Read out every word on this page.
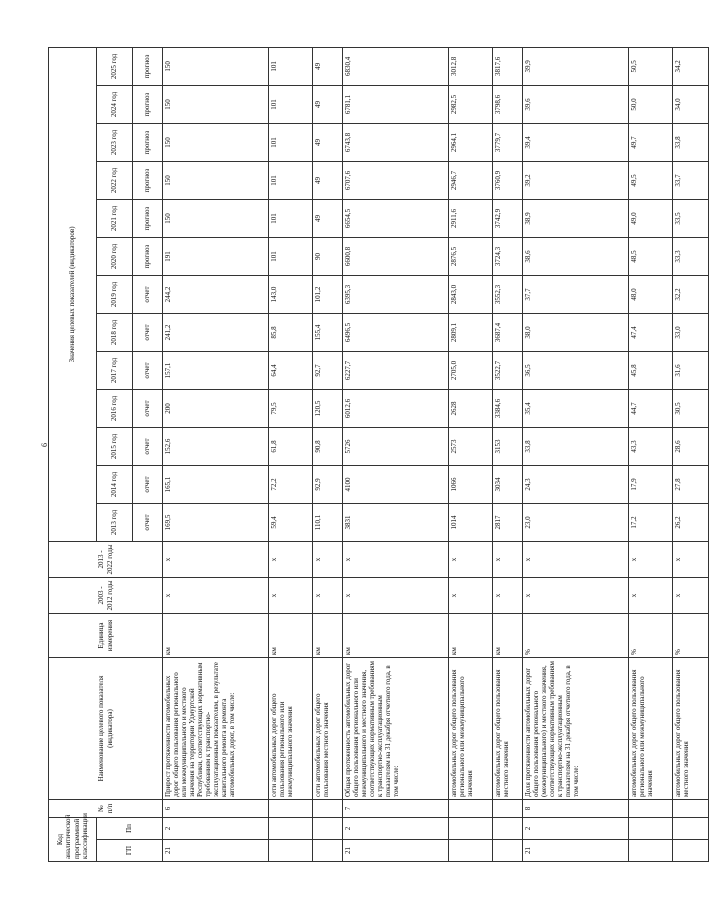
6
Код аналитической программной классификации		№ п/п	Наименование целевого показателя (индикатора)	Единица измерения	2003 - 2012 годы	2013 - 2022 годы	Значения целевых показателей (индикаторов)												
ГП	Пп						2013 год	2014 год	2015 год	2016 год	2017 год	2018 год	2019 год	2020 год	2021 год	2022 год	2023 год	2024 год	2025 год
							отчет	отчет	отчет	отчет	отчет	отчет	отчет	прогноз	прогноз	прогноз	прогноз	прогноз	прогноз
21	2	6	Прирост протяженности автомобильных дорог общего пользования регионального или межмуниципального и местного значения на территории Удмуртской Республики, соответствующих нормативным требованиям к транспортно-эксплуатационным показателям, в результате капитального ремонта и ремонта автомобильных дорог, в том числе:	км	х	х	169,5	165,1	152,6	200	157,1	241,2	244,2	191	150	150	150	150	150
			сети автомобильных дорог общего пользования регионального или межмуниципального значения	км	х	х	59,4	72,2	61,8	79,5	64,4	85,8	143,0	101	101	101	101	101	101
			сети автомобильных дорог общего пользования местного значения	км	х	х	110,1	92,9	90,8	120,5	92,7	155,4	101,2	90	49	49	49	49	49
21	2	7	Общая протяженность автомобильных дорог общего пользования регионального или межмуниципального и местного значения, соответствующих нормативным требованиям к транспортно-эксплуатационным показателям на 31 декабря отчетного года, в том числе:	км	х	х	3831	4100	5726	6012,6	6227,7	6496,5	6395,3	6600,8	6654,5	6707,6	6743,8	6781,1	6830,4
			автомобильных дорог общего пользования регионального или межмуниципального значения	км	х	х	1014	1066	2573	2628	2705,0	2809,1	2843,0	2876,5	2911,6	2946,7	2964,1	2982,5	3012,8
			автомобильных дорог общего пользования местного значения	км	х	х	2817	3034	3153	3384,6	3522,7	3687,4	3552,3	3724,3	3742,9	3760,9	3779,7	3798,6	3817,6
21	2	8	Доля протяженности автомобильных дорог общего пользования регионального (межмуниципального) и местного значения, соответствующих нормативным требованиям к транспортно-эксплуатационным показателям на 31 декабря отчетного года, в том числе:	%	х	х	23,0	24,3	33,8	35,4	36,5	38,0	37,7	38,6	38,9	39,2	39,4	39,6	39,9
			автомобильных дорог общего пользования регионального или межмуниципального значения	%	х	х	17,2	17,9	43,3	44,7	45,8	47,4	48,0	48,5	49,0	49,5	49,7	50,0	50,5
			автомобильных дорог общего пользования местного значения	%	х	х	26,2	27,8	28,6	30,5	31,6	33,0	32,2	33,3	33,5	33,7	33,8	34,0	34,2
